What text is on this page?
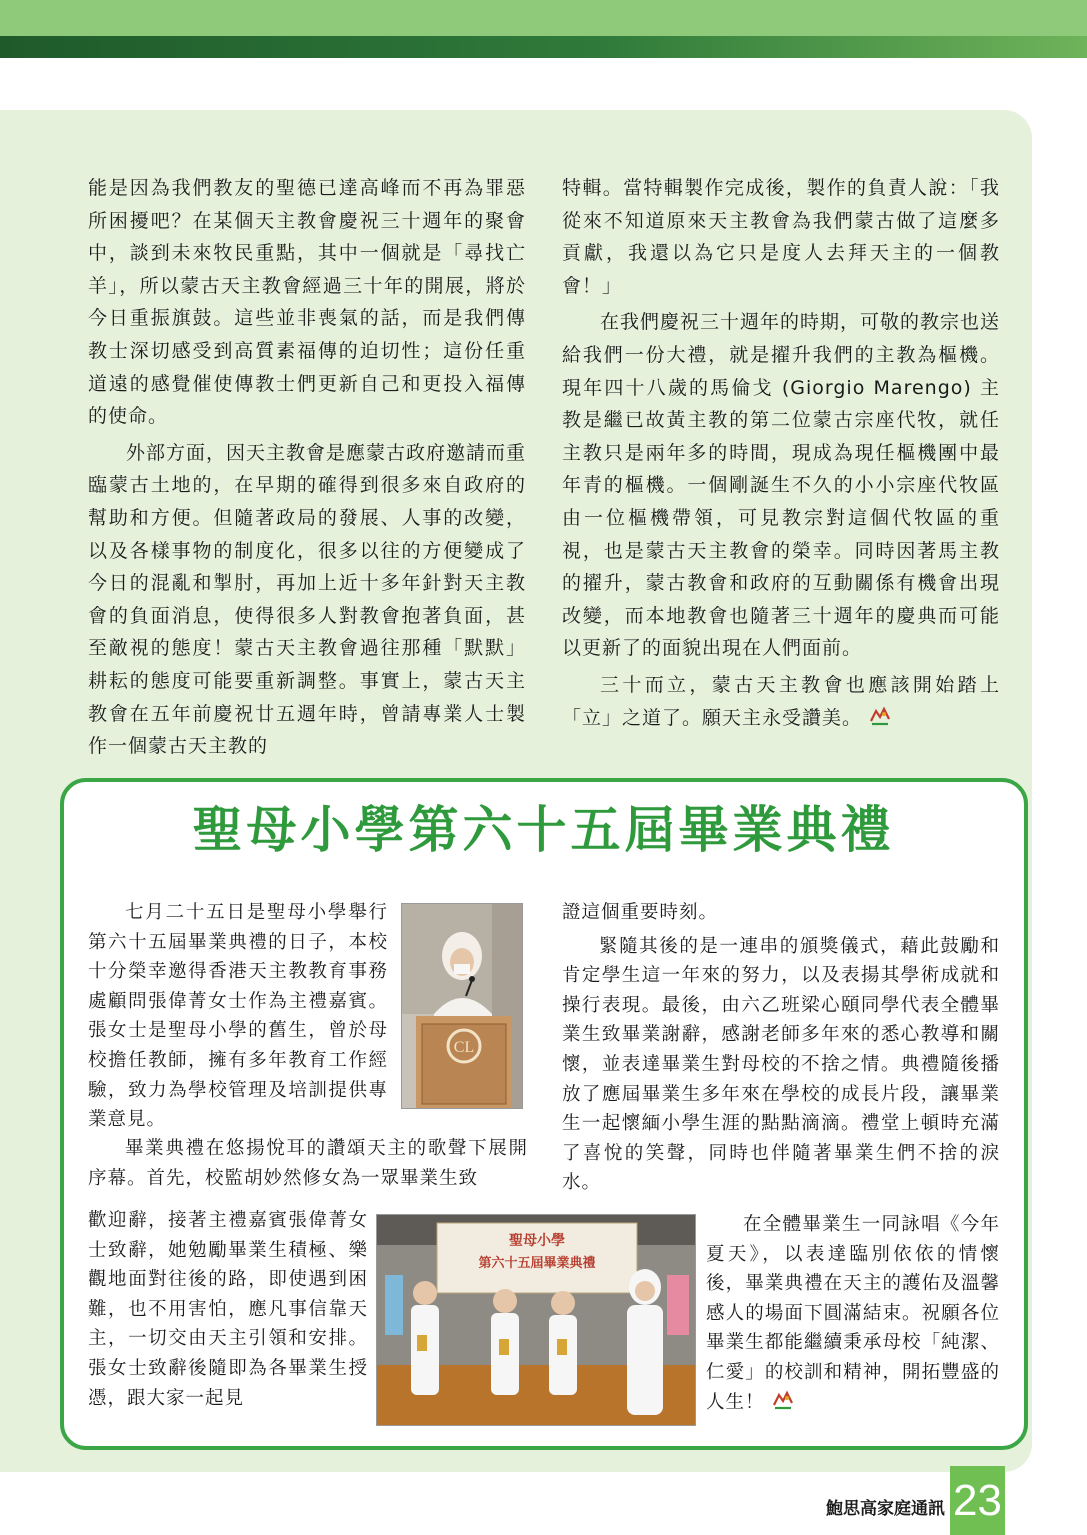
能是因為我們教友的聖德已達高峰而不再為罪惡所困擾吧？在某個天主教會慶祝三十週年的聚會中，談到未來牧民重點，其中一個就是「尋找亡羊」，所以蒙古天主教會經過三十年的開展，將於今日重振旗鼓。這些並非喪氣的話，而是我們傳教士深切感受到高質素福傳的迫切性；這份任重道遠的感覺催使傳教士們更新自己和更投入福傳的使命。

外部方面，因天主教會是應蒙古政府邀請而重臨蒙古土地的，在早期的確得到很多來自政府的幫助和方便。但隨著政局的發展、人事的改變，以及各樣事物的制度化，很多以往的方便變成了今日的混亂和掣肘，再加上近十多年針對天主教會的負面消息，使得很多人對教會抱著負面，甚至敵視的態度！蒙古天主教會過往那種「默默」耕耘的態度可能要重新調整。事實上，蒙古天主教會在五年前慶祝廿五週年時，曾請專業人士製作一個蒙古天主教的

特輯。當特輯製作完成後，製作的負責人說：「我從來不知道原來天主教會為我們蒙古做了這麼多貢獻，我還以為它只是度人去拜天主的一個教會！」

在我們慶祝三十週年的時期，可敬的教宗也送給我們一份大禮，就是擢升我們的主教為樞機。現年四十八歲的馬倫戈 (Giorgio Marengo) 主教是繼已故黃主教的第二位蒙古宗座代牧，就任主教只是兩年多的時間，現成為現任樞機團中最年青的樞機。一個剛誕生不久的小小宗座代牧區由一位樞機帶領，可見教宗對這個代牧區的重視，也是蒙古天主教會的榮幸。同時因著馬主教的擢升，蒙古教會和政府的互動關係有機會出現改變，而本地教會也隨著三十週年的慶典而可能以更新了的面貌出現在人們面前。

三十而立，蒙古天主教會也應該開始踏上「立」之道了。願天主永受讚美。

聖母小學第六十五屆畢業典禮

七月二十五日是聖母小學舉行第六十五屆畢業典禮的日子，本校十分榮幸邀得香港天主教教育事務處顧問張偉菁女士作為主禮嘉賓。張女士是聖母小學的舊生，曾於母校擔任教師，擁有多年教育工作經驗，致力為學校管理及培訓提供專業意見。

CL

畢業典禮在悠揚悅耳的讚頌天主的歌聲下展開序幕。首先，校監胡妙然修女為一眾畢業生致

歡迎辭，接著主禮嘉賓張偉菁女士致辭，她勉勵畢業生積極、樂觀地面對往後的路，即使遇到困難，也不用害怕，應凡事信靠天主，一切交由天主引領和安排。張女士致辭後隨即為各畢業生授憑，跟大家一起見

聖母小學
第六十五屆畢業典禮

證這個重要時刻。

緊隨其後的是一連串的頒獎儀式，藉此鼓勵和肯定學生這一年來的努力，以及表揚其學術成就和操行表現。最後，由六乙班梁心頤同學代表全體畢業生致畢業謝辭，感謝老師多年來的悉心教導和關懷，並表達畢業生對母校的不捨之情。典禮隨後播放了應屆畢業生多年來在學校的成長片段，讓畢業生一起懷緬小學生涯的點點滴滴。禮堂上頓時充滿了喜悅的笑聲，同時也伴隨著畢業生們不捨的淚水。

在全體畢業生一同詠唱《今年夏天》，以表達臨別依依的情懷後，畢業典禮在天主的護佑及溫馨感人的場面下圓滿結束。祝願各位畢業生都能繼續秉承母校「純潔、仁愛」的校訓和精神，開拓豐盛的人生！

鮑思高家庭通訊 23
